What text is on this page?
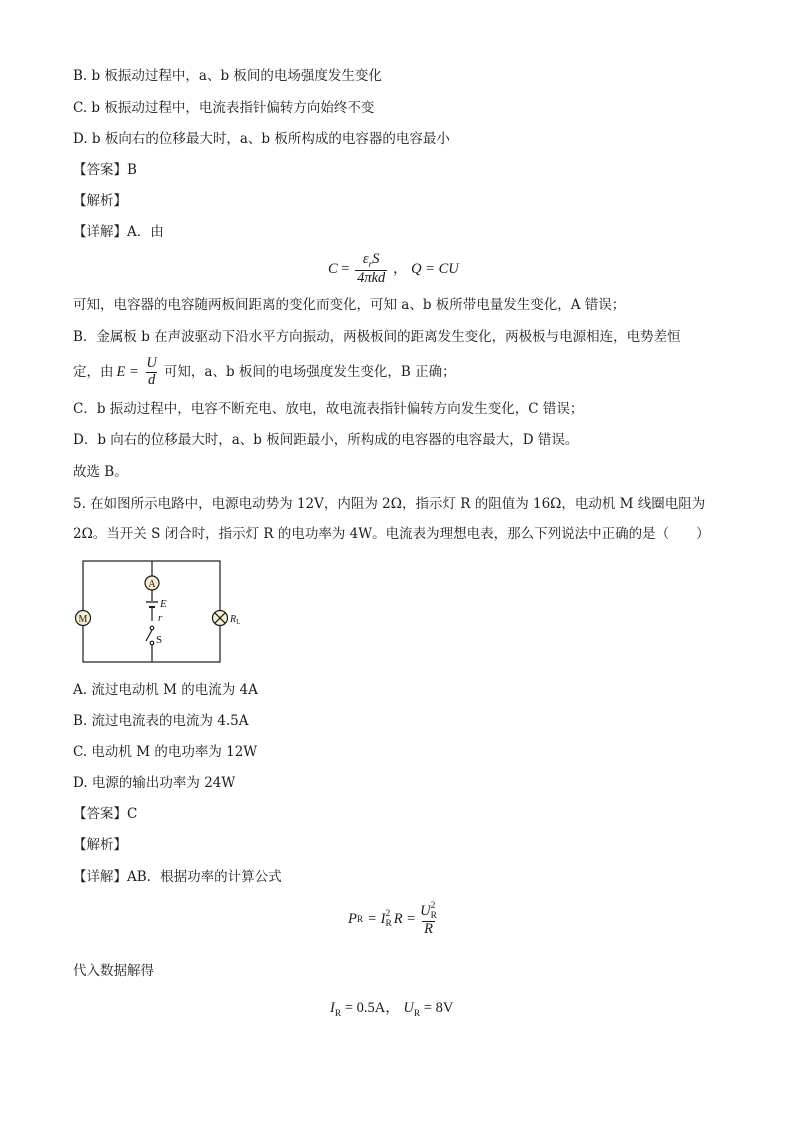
B. b 板振动过程中，a、b 板间的电场强度发生变化
C. b 板振动过程中，电流表指针偏转方向始终不变
D. b 板向右的位移最大时，a、b 板所构成的电容器的电容最小
【答案】B
【解析】
【详解】A．由
$C = \frac{\varepsilon_rS}{\text{4πkd}}$ ， Q = CU
可知，电容器的电容随两板间距离的变化而变化，可知 a、b 板所带电量发生变化，A 错误；
B．金属板 b 在声波驱动下沿水平方向振动，两极板间的距离发生变化，两极板与电源相连，电势差恒
定，由 $E = \frac{U}{d}$ 可知，a、b 板间的电场强度发生变化，B 正确；
C．b 振动过程中，电容不断充电、放电，故电流表指针偏转方向发生变化，C 错误；
D．b 向右的位移最大时，a、b 板间距最小，所构成的电容器的电容最大，D 错误。
故选 B。
5. 在如图所示电路中，电源电动势为 12V，内阻为 2Ω，指示灯 R 的阻值为 16Ω，电动机 M 线圈电阻为
2Ω。当开关 S 闭合时，指示灯 R 的电功率为 4W。电流表为理想电表，那么下列说法中正确的是（　　）
A
E
r
S
M	$R_L$
A. 流过电动机 M 的电流为 4A
B. 流过电流表的电流为 4.5A
C. 电动机 M 的电功率为 12W
D. 电源的输出功率为 24W
【答案】C
【解析】
【详解】AB．根据功率的计算公式
P R = I 2
R R = U 2
R
R
代入数据解得
$I_R = 0.5A$， $U_R = 8V$
